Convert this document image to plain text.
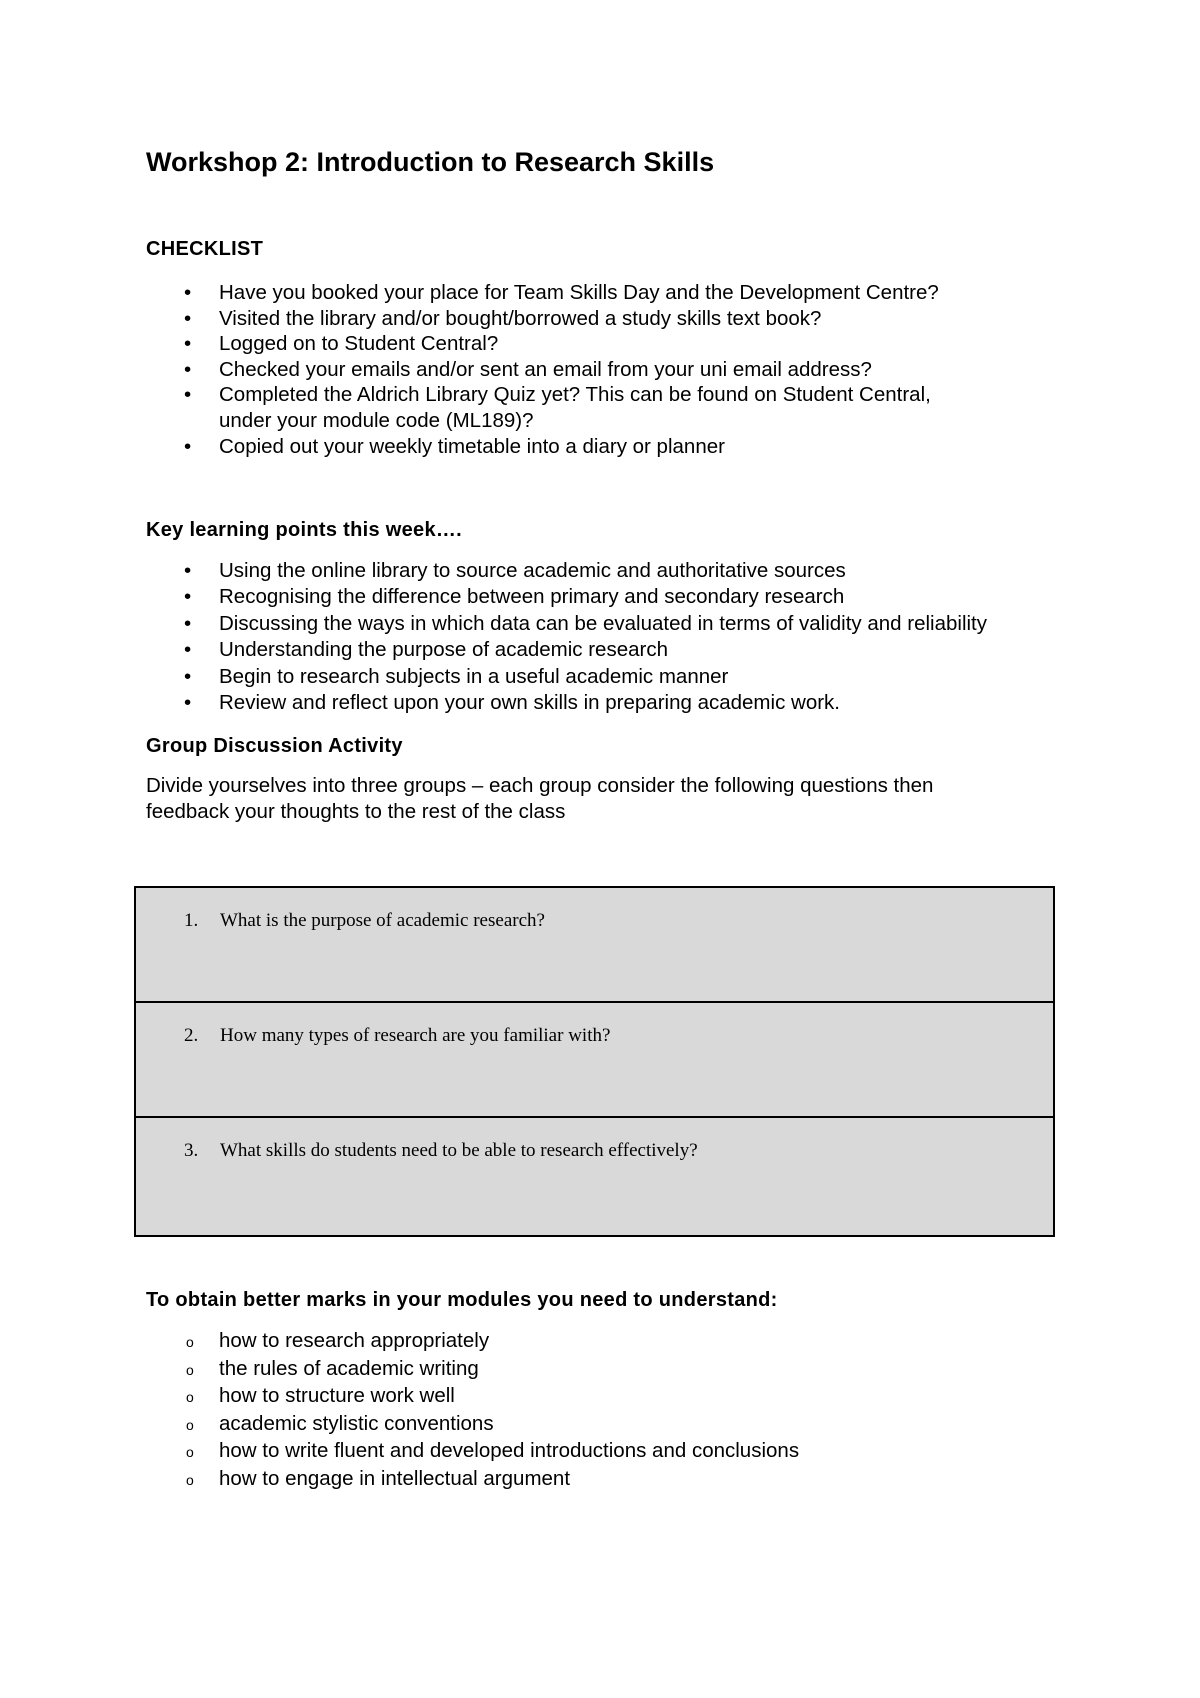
Workshop 2: Introduction to Research Skills
CHECKLIST
•	Have you booked your place for Team Skills Day and the Development Centre?
•	Visited the library and/or bought/borrowed a study skills text book?
•	Logged on to Student Central?
•	Checked your emails and/or sent an email from your uni email address?
•	Completed the Aldrich Library Quiz yet? This can be found on Student Central,
under your module code (ML189)?
•	Copied out your weekly timetable into a diary or planner
Key learning points this week….
•	Using the online library to source academic and authoritative sources
•	Recognising the difference between primary and secondary research
•	Discussing the ways in which data can be evaluated in terms of validity and reliability
•	Understanding the purpose of academic research
•	Begin to research subjects in a useful academic manner
•	Review and reflect upon your own skills in preparing academic work.
Group Discussion Activity

Divide yourselves into three groups – each group consider the following questions then
feedback your thoughts to the rest of the class

1. What is the purpose of academic research?
2. How many types of research are you familiar with?
3. What skills do students need to be able to research effectively?
To obtain better marks in your modules you need to understand:
o	how to research appropriately
o	the rules of academic writing
o	how to structure work well
o	academic stylistic conventions
o	how to write fluent and developed introductions and conclusions
o	how to engage in intellectual argument
